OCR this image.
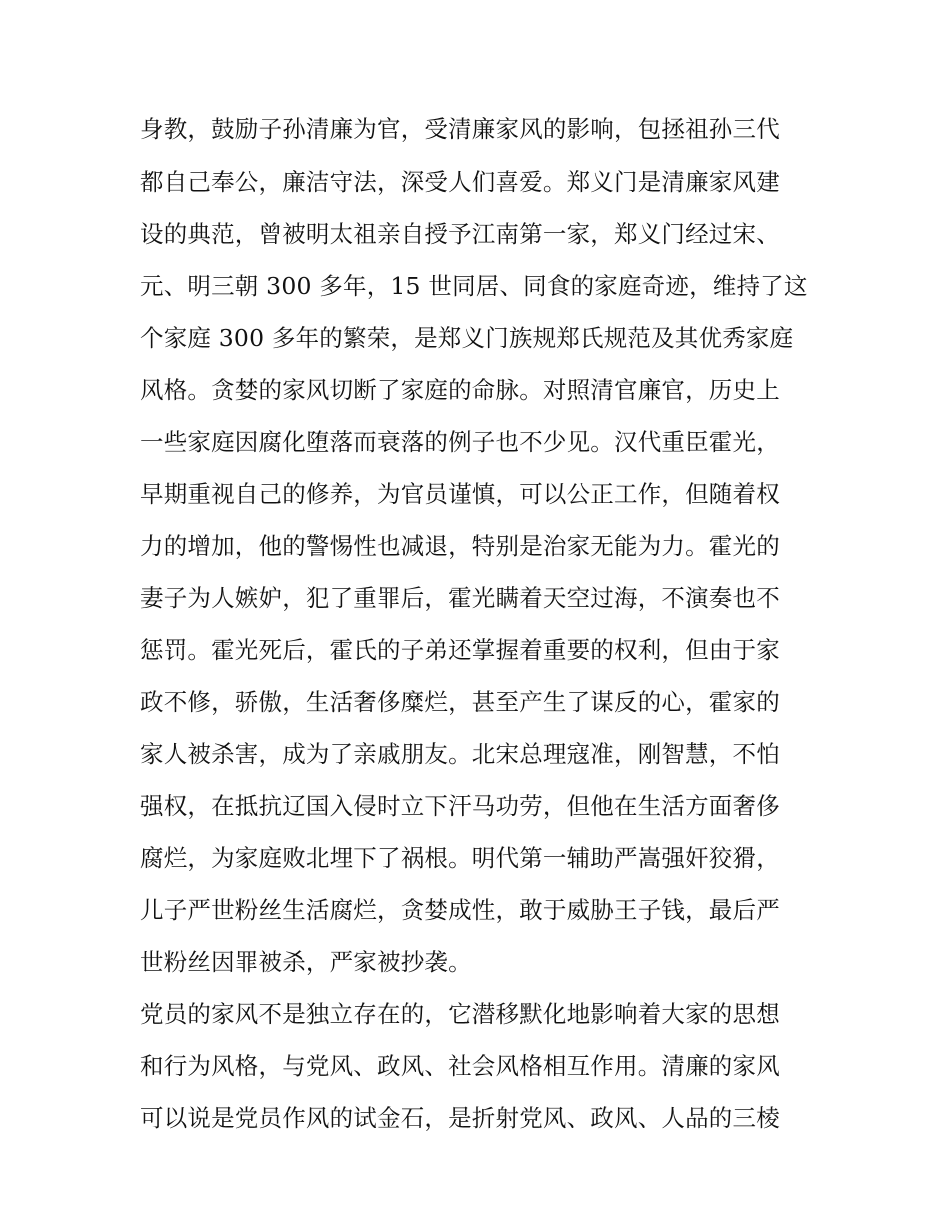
身教，鼓励子孙清廉为官，受清廉家风的影响，包拯祖孙三代
都自己奉公，廉洁守法，深受人们喜爱。郑义门是清廉家风建
设的典范，曾被明太祖亲自授予江南第一家，郑义门经过宋、
元、明三朝 300 多年，15 世同居、同食的家庭奇迹，维持了这
个家庭 300 多年的繁荣，是郑义门族规郑氏规范及其优秀家庭
风格。贪婪的家风切断了家庭的命脉。对照清官廉官，历史上
一些家庭因腐化堕落而衰落的例子也不少见。汉代重臣霍光，
早期重视自己的修养，为官员谨慎，可以公正工作，但随着权
力的增加，他的警惕性也减退，特别是治家无能为力。霍光的
妻子为人嫉妒，犯了重罪后，霍光瞒着天空过海，不演奏也不
惩罚。霍光死后，霍氏的子弟还掌握着重要的权利，但由于家
政不修，骄傲，生活奢侈糜烂，甚至产生了谋反的心，霍家的
家人被杀害，成为了亲戚朋友。北宋总理寇准，刚智慧，不怕
强权，在抵抗辽国入侵时立下汗马功劳，但他在生活方面奢侈
腐烂，为家庭败北埋下了祸根。明代第一辅助严嵩强奸狡猾，
儿子严世粉丝生活腐烂，贪婪成性，敢于威胁王子钱，最后严
世粉丝因罪被杀，严家被抄袭。
党员的家风不是独立存在的，它潜移默化地影响着大家的思想
和行为风格，与党风、政风、社会风格相互作用。清廉的家风
可以说是党员作风的试金石，是折射党风、政风、人品的三棱
